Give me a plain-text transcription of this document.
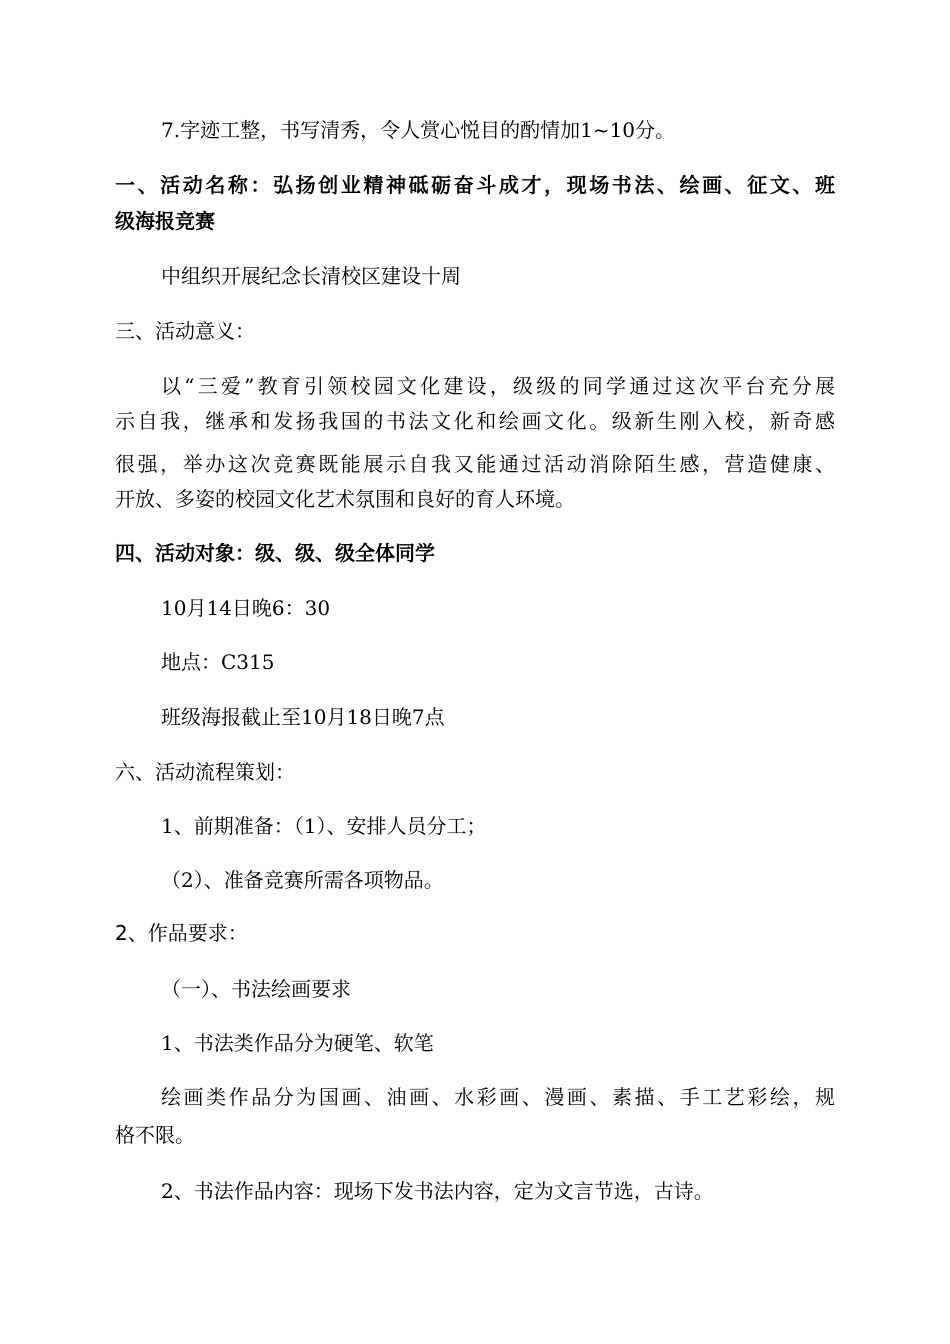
7.字迹工整，书写清秀，令人赏心悦目的酌情加1~10分。
一、活动名称：弘扬创业精神砥砺奋斗成才，现场书法、绘画、征文、班
级海报竞赛
中组织开展纪念长清校区建设十周
三、活动意义：
以“三爱”教育引领校园文化建设，级级的同学通过这次平台充分展
示自我，继承和发扬我国的书法文化和绘画文化。级新生刚入校，新奇感
很强，举办这次竞赛既能展示自我又能通过活动消除陌生感，营造健康、
开放、多姿的校园文化艺术氛围和良好的育人环境。
四、活动对象：级、级、级全体同学
10月14日晚6：30
地点：C315
班级海报截止至10月18日晚7点
六、活动流程策划：
1、前期准备：（1）、安排人员分工；
（2）、准备竞赛所需各项物品。
2、作品要求：
（一）、书法绘画要求
1、书法类作品分为硬笔、软笔
绘画类作品分为国画、油画、水彩画、漫画、素描、手工艺彩绘，规
格不限。
2、书法作品内容：现场下发书法内容，定为文言节选，古诗。
